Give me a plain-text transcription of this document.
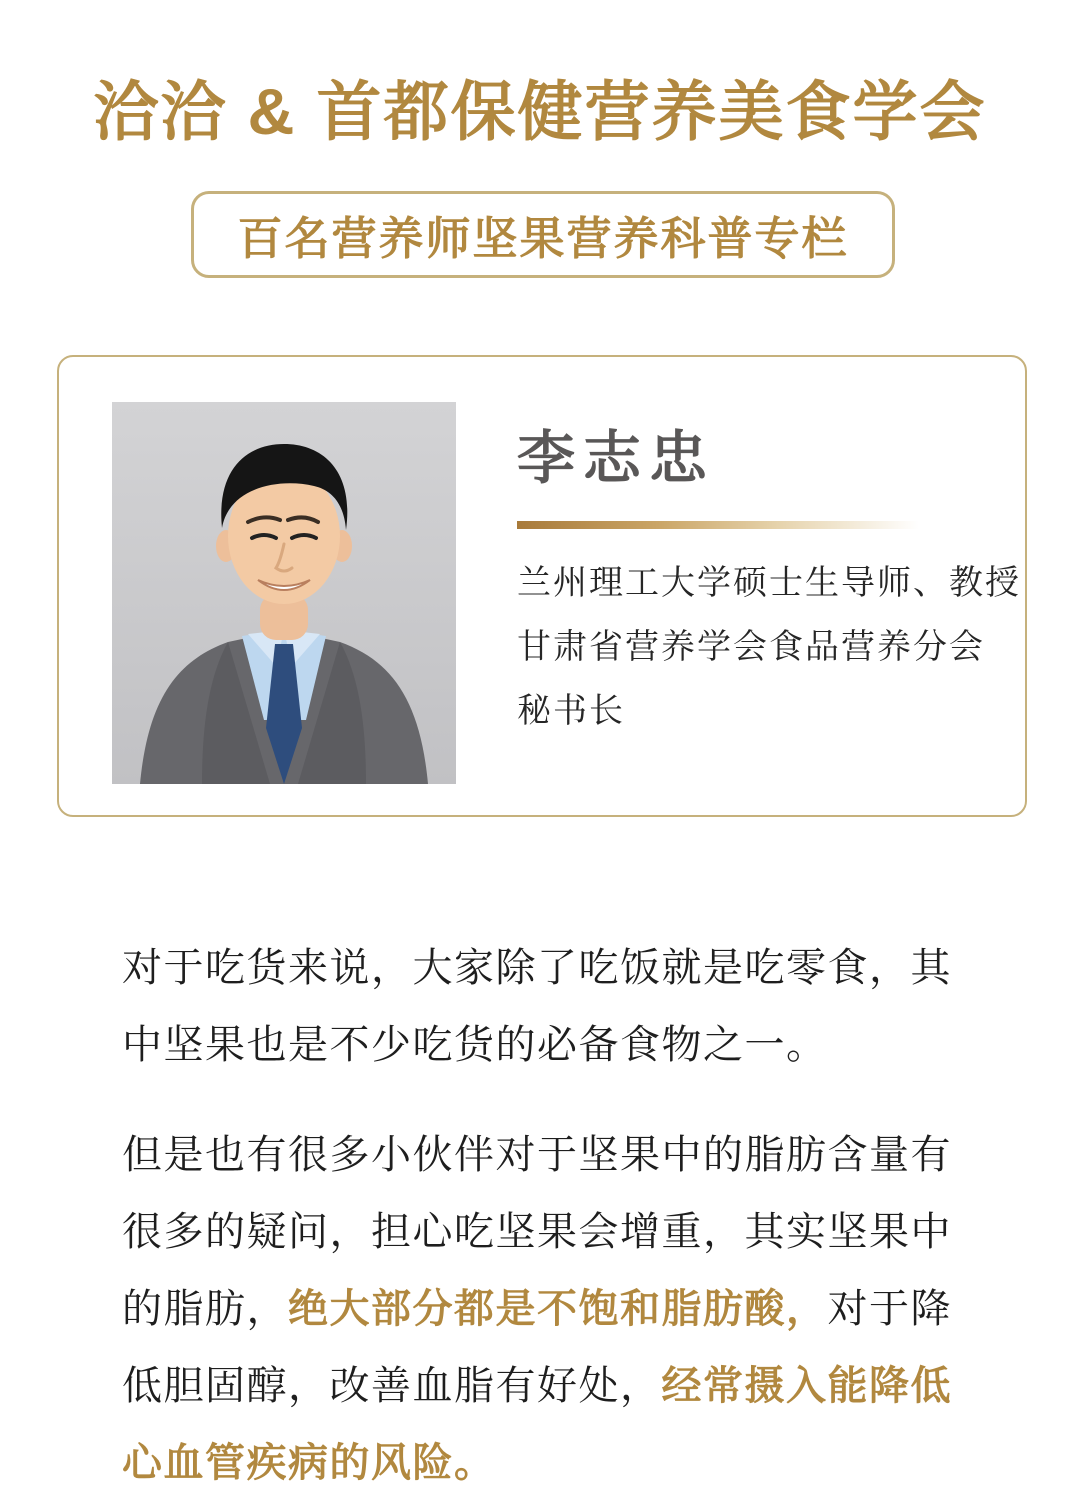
洽洽 & 首都保健营养美食学会
百名营养师坚果营养科普专栏
李志忠
兰州理工大学硕士生导师、教授
甘肃省营养学会食品营养分会
秘书长

对于吃货来说，大家除了吃饭就是吃零食，其中坚果也是不少吃货的必备食物之一。

但是也有很多小伙伴对于坚果中的脂肪含量有很多的疑问，担心吃坚果会增重，其实坚果中的脂肪，绝大部分都是不饱和脂肪酸，对于降低胆固醇，改善血脂有好处，经常摄入能降低心血管疾病的风险。
